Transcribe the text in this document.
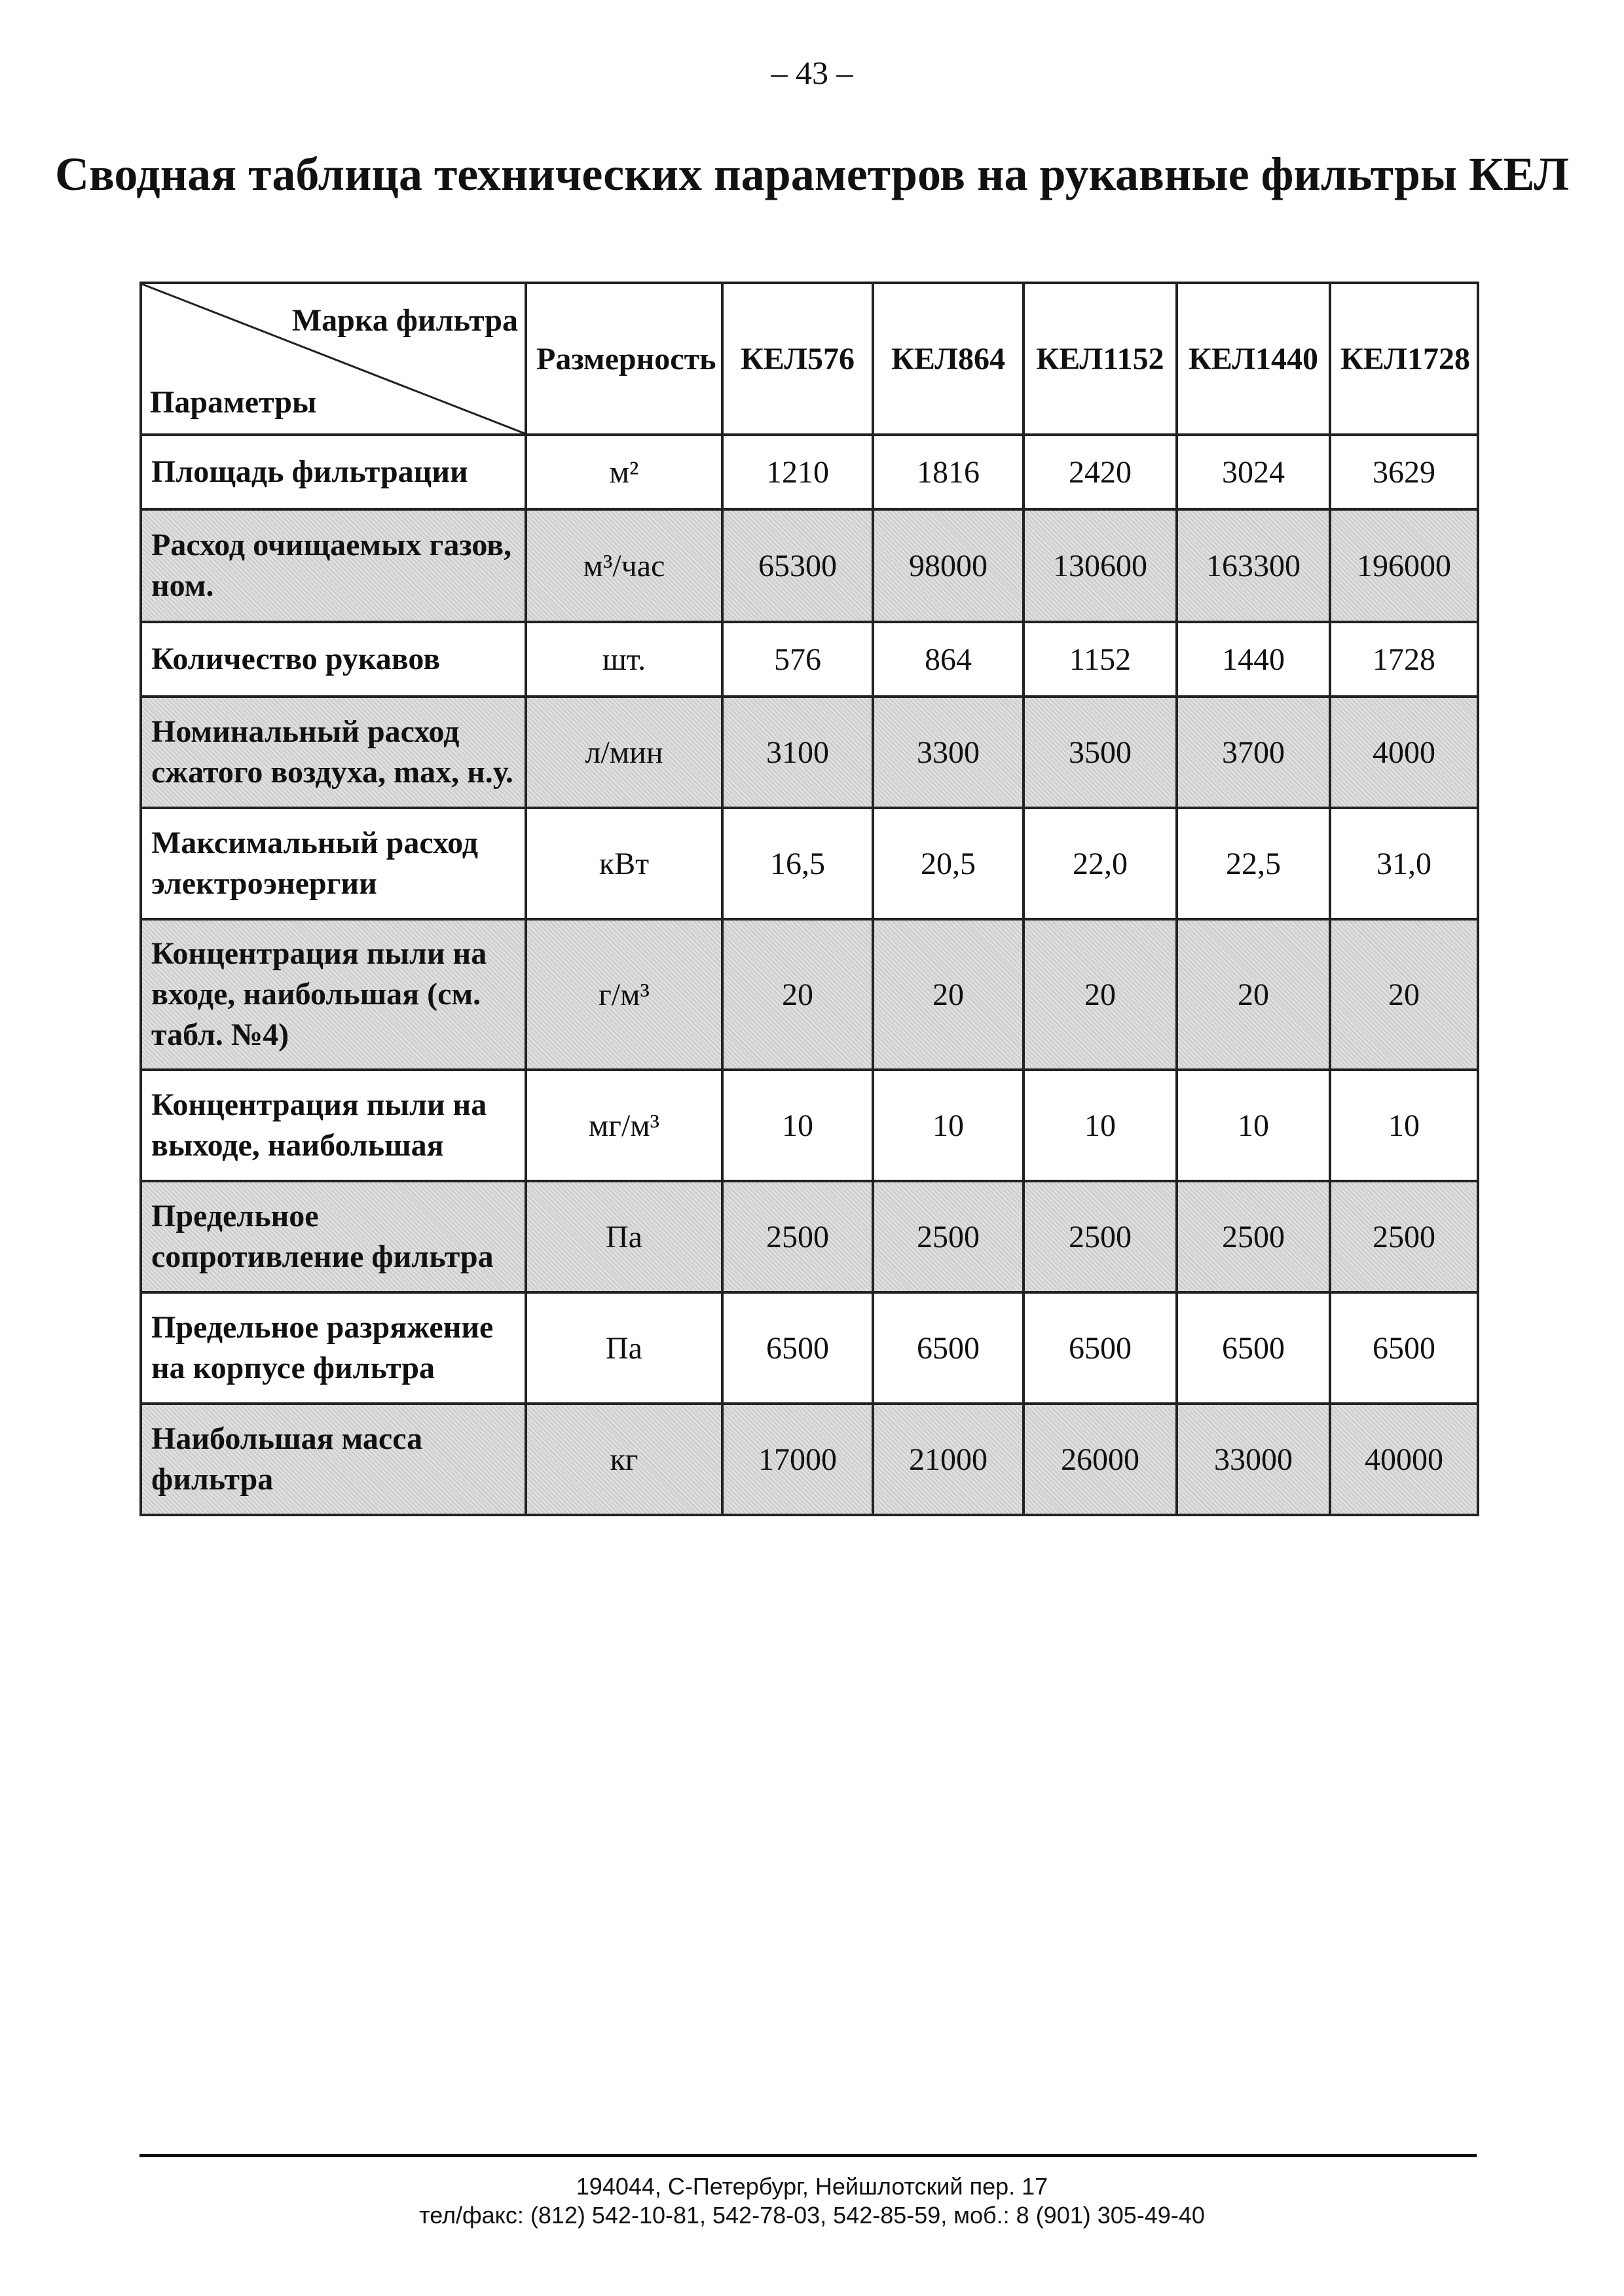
– 43 –
Сводная таблица технических параметров на рукавные фильтры КЕЛ
Марка фильтра
Параметры	Размерность	КЕЛ576	КЕЛ864	КЕЛ1152	КЕЛ1440	КЕЛ1728
Площадь фильтрации	м²	1210	1816	2420	3024	3629
Расход очищаемых газов, ном.	м³/час	65300	98000	130600	163300	196000
Количество рукавов	шт.	576	864	1152	1440	1728
Номинальный расход сжатого воздуха, max, н.у.	л/мин	3100	3300	3500	3700	4000
Максимальный расход электроэнергии	кВт	16,5	20,5	22,0	22,5	31,0
Концентрация пыли на входе, наибольшая (см. табл. №4)	г/м³	20	20	20	20	20
Концентрация пыли на выходе, наибольшая	мг/м³	10	10	10	10	10
Предельное сопротивление фильтра	Па	2500	2500	2500	2500	2500
Предельное разряжение на корпусе фильтра	Па	6500	6500	6500	6500	6500
Наибольшая масса фильтра	кг	17000	21000	26000	33000	40000
194044, С-Петербург, Нейшлотский пер. 17
тел/факс: (812) 542-10-81, 542-78-03, 542-85-59, моб.: 8 (901) 305-49-40
